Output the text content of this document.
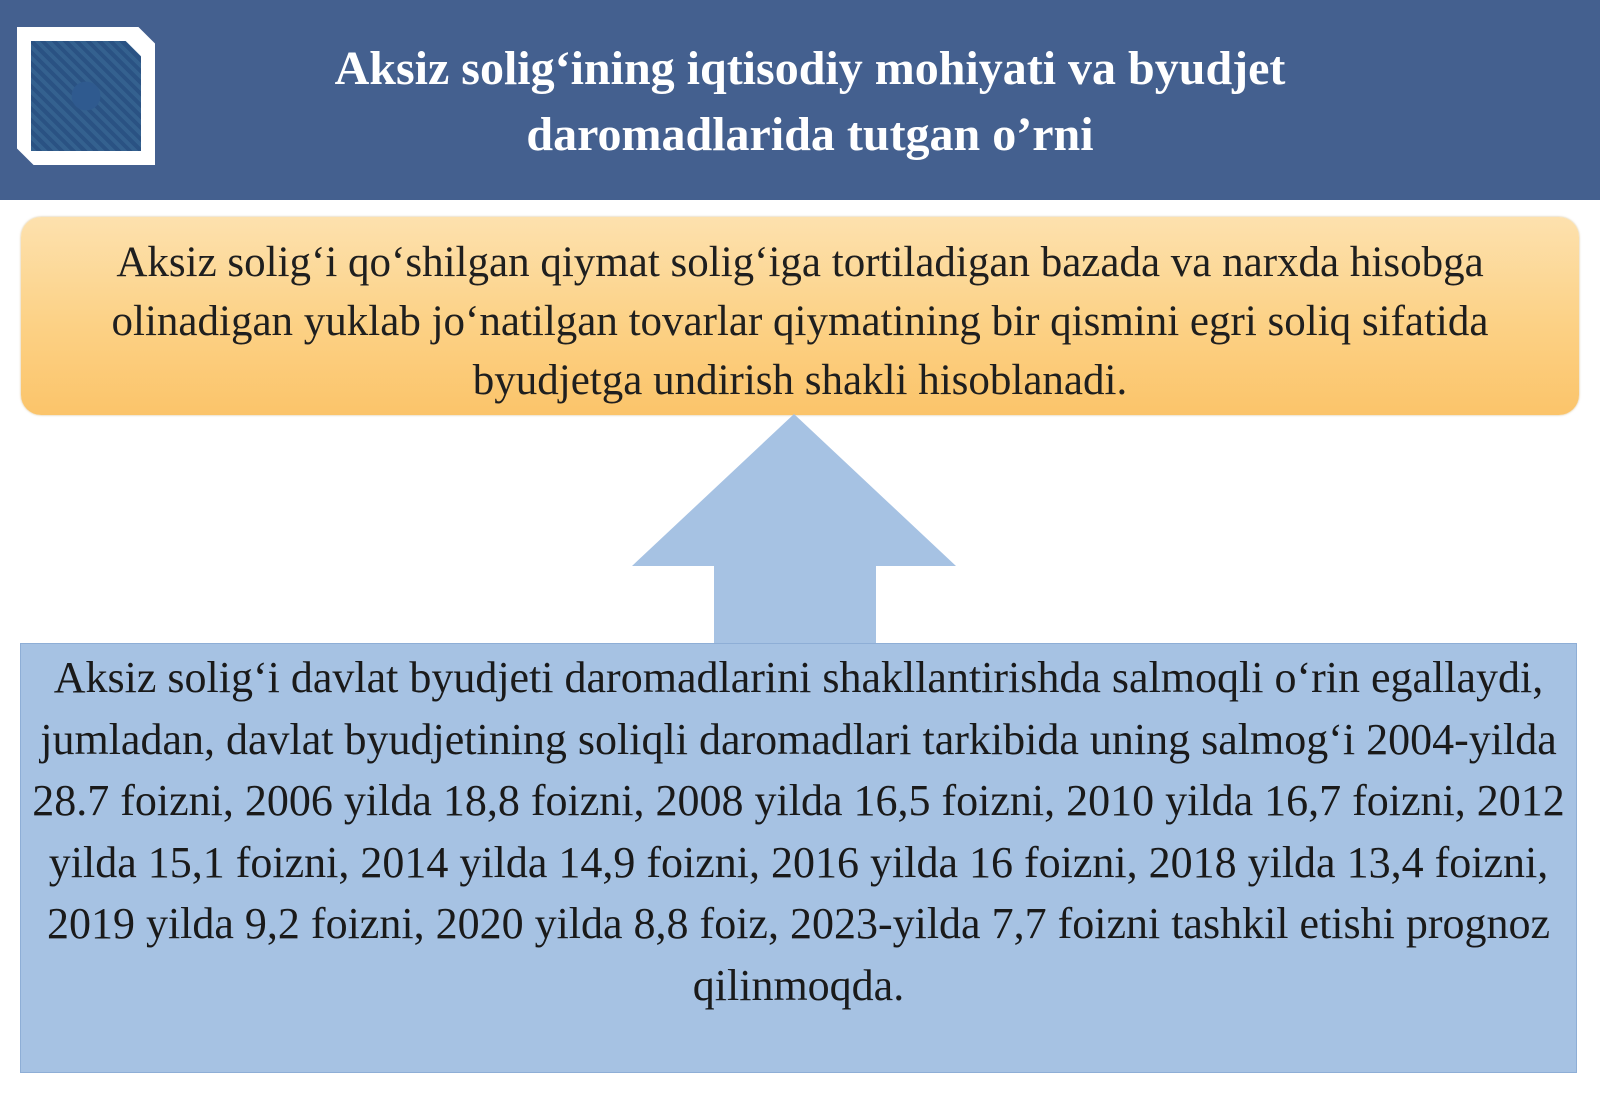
Aksiz solig‘ining iqtisodiy mohiyati va byudjet daromadlarida tutgan o’rni
Aksiz solig‘i qo‘shilgan qiymat solig‘iga tortiladigan bazada va narxda hisobga olinadigan yuklab jo‘natilgan tovarlar qiymatining bir qismini egri soliq sifatida byudjetga undirish shakli hisoblanadi.
Aksiz solig‘i davlat byudjeti daromadlarini shakllantirishda salmoqli o‘rin egallaydi, jumladan, davlat byudjetining soliqli daromadlari tarkibida uning salmog‘i 2004-yilda 28.7 foizni, 2006 yilda 18,8 foizni, 2008 yilda 16,5 foizni, 2010 yilda 16,7 foizni, 2012 yilda 15,1 foizni, 2014 yilda 14,9 foizni, 2016 yilda 16 foizni, 2018 yilda 13,4 foizni, 2019 yilda 9,2 foizni, 2020 yilda 8,8 foiz, 2023-yilda 7,7 foizni tashkil etishi prognoz qilinmoqda.
